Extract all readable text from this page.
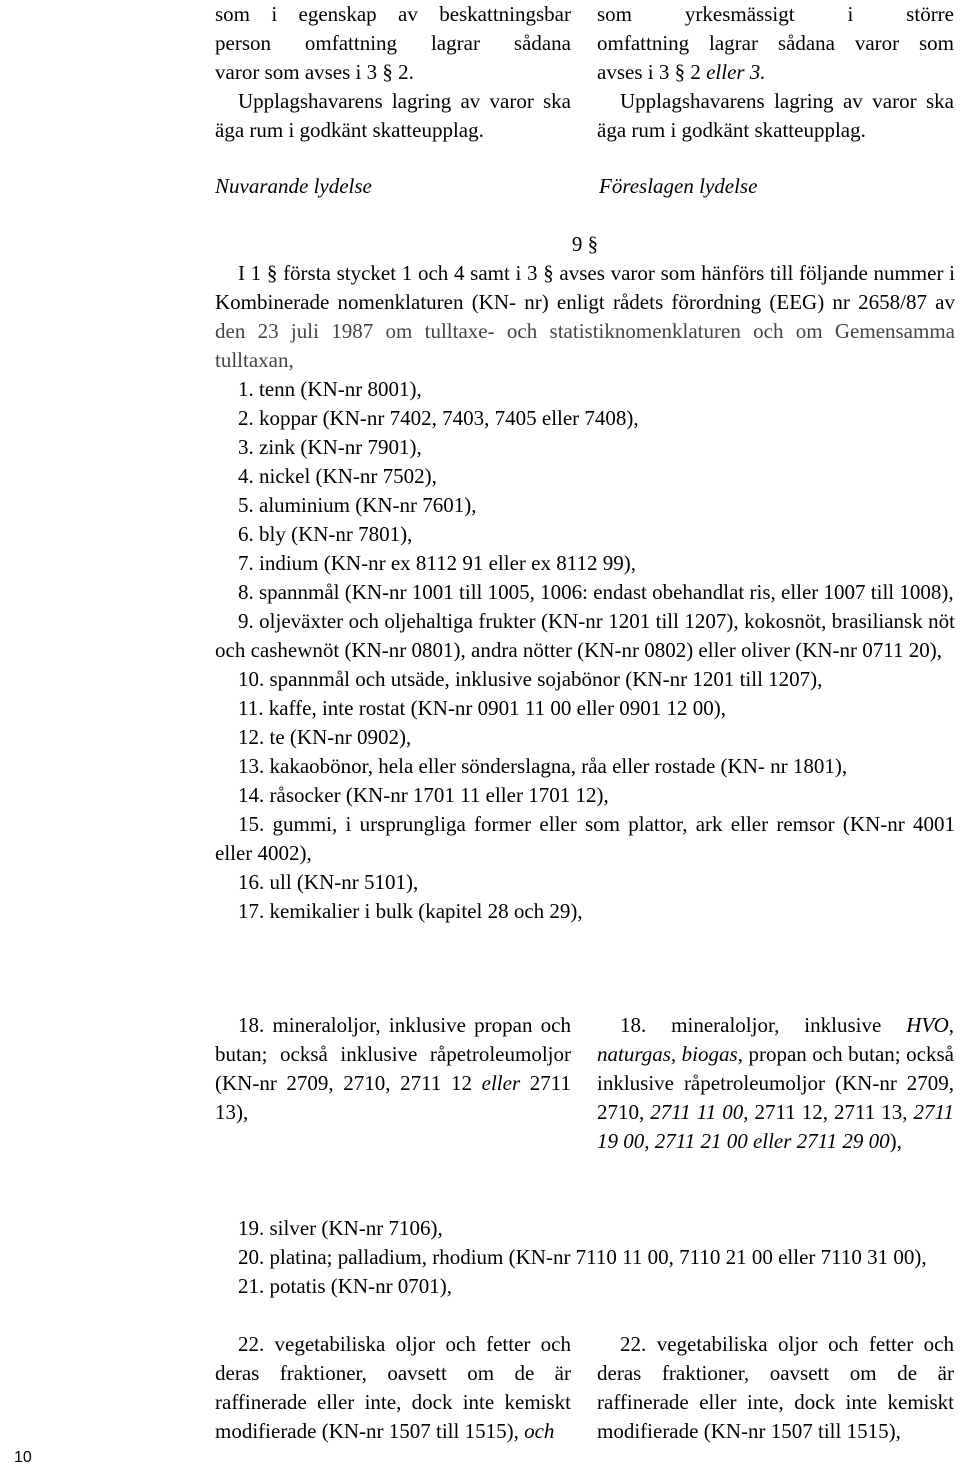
som i egenskap av beskattningsbar
person omfattning lagrar sådana
varor som avses i 3 § 2.

Upplagshavarens lagring av varor ska äga rum i godkänt skatteupplag.

som yrkesmässigt i större
omfattning lagrar sådana varor som
avses i 3 § 2 eller 3.

Upplagshavarens lagring av varor ska äga rum i godkänt skatteupplag.

Nuvarande lydelse	Föreslagen lydelse
9 §
I 1 § första stycket 1 och 4 samt i 3 § avses varor som hänförs till följande nummer i Kombinerade nomenklaturen (KN- nr) enligt rådets förordning (EEG) nr 2658/87 av den 23 juli 1987 om tulltaxe- och statistiknomenklaturen och om Gemensamma tulltaxan,

1. tenn (KN-nr 8001),

2. koppar (KN-nr 7402, 7403, 7405 eller 7408),

3. zink (KN-nr 7901),

4. nickel (KN-nr 7502),

5. aluminium (KN-nr 7601),

6. bly (KN-nr 7801),

7. indium (KN-nr ex 8112 91 eller ex 8112 99),

8. spannmål (KN-nr 1001 till 1005, 1006: endast obehandlat ris, eller 1007 till 1008),

9. oljeväxter och oljehaltiga frukter (KN-nr 1201 till 1207), kokosnöt, brasiliansk nöt och cashewnöt (KN-nr 0801), andra nötter (KN-nr 0802) eller oliver (KN-nr 0711 20),

10. spannmål och utsäde, inklusive sojabönor (KN-nr 1201 till 1207),

11. kaffe, inte rostat (KN-nr 0901 11 00 eller 0901 12 00),

12. te (KN-nr 0902),

13. kakaobönor, hela eller sönderslagna, råa eller rostade (KN- nr 1801),

14. råsocker (KN-nr 1701 11 eller 1701 12),

15. gummi, i ursprungliga former eller som plattor, ark eller remsor (KN-nr 4001 eller 4002),

16. ull (KN-nr 5101),

17. kemikalier i bulk (kapitel 28 och 29),

18. mineraloljor, inklusive propan och butan; också inklusive råpetroleumoljor (KN-nr 2709, 2710, 2711 12 eller 2711 13),
18. mineraloljor, inklusive HVO, naturgas, biogas, propan och butan; också inklusive råpetroleumoljor (KN-nr 2709, 2710, 2711 11 00, 2711 12, 2711 13, 2711 19 00, 2711 21 00 eller 2711 29 00),

19. silver (KN-nr 7106),

20. platina; palladium, rhodium (KN-nr 7110 11 00, 7110 21 00 eller 7110 31 00),

21. potatis (KN-nr 0701),

22. vegetabiliska oljor och fetter och deras fraktioner, oavsett om de är raffinerade eller inte, dock inte kemiskt modifierade (KN-nr 1507 till 1515), och
22. vegetabiliska oljor och fetter och deras fraktioner, oavsett om de är raffinerade eller inte, dock inte kemiskt modifierade (KN-nr 1507 till 1515),
10
